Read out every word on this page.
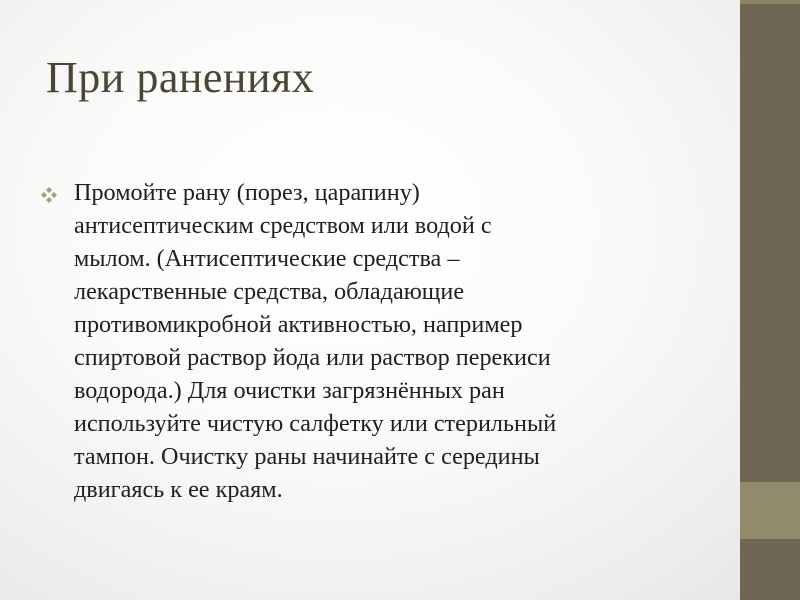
При ранениях
Промойте рану (порез, царапину)
антисептическим средством или водой с
мылом. (Антисептические средства –
лекарственные средства, обладающие
противомикробной активностью, например
спиртовой раствор йода или раствор перекиси
водорода.) Для очистки загрязнённых ран
используйте чистую салфетку или стерильный
тампон. Очистку раны начинайте с середины
двигаясь к ее краям.
